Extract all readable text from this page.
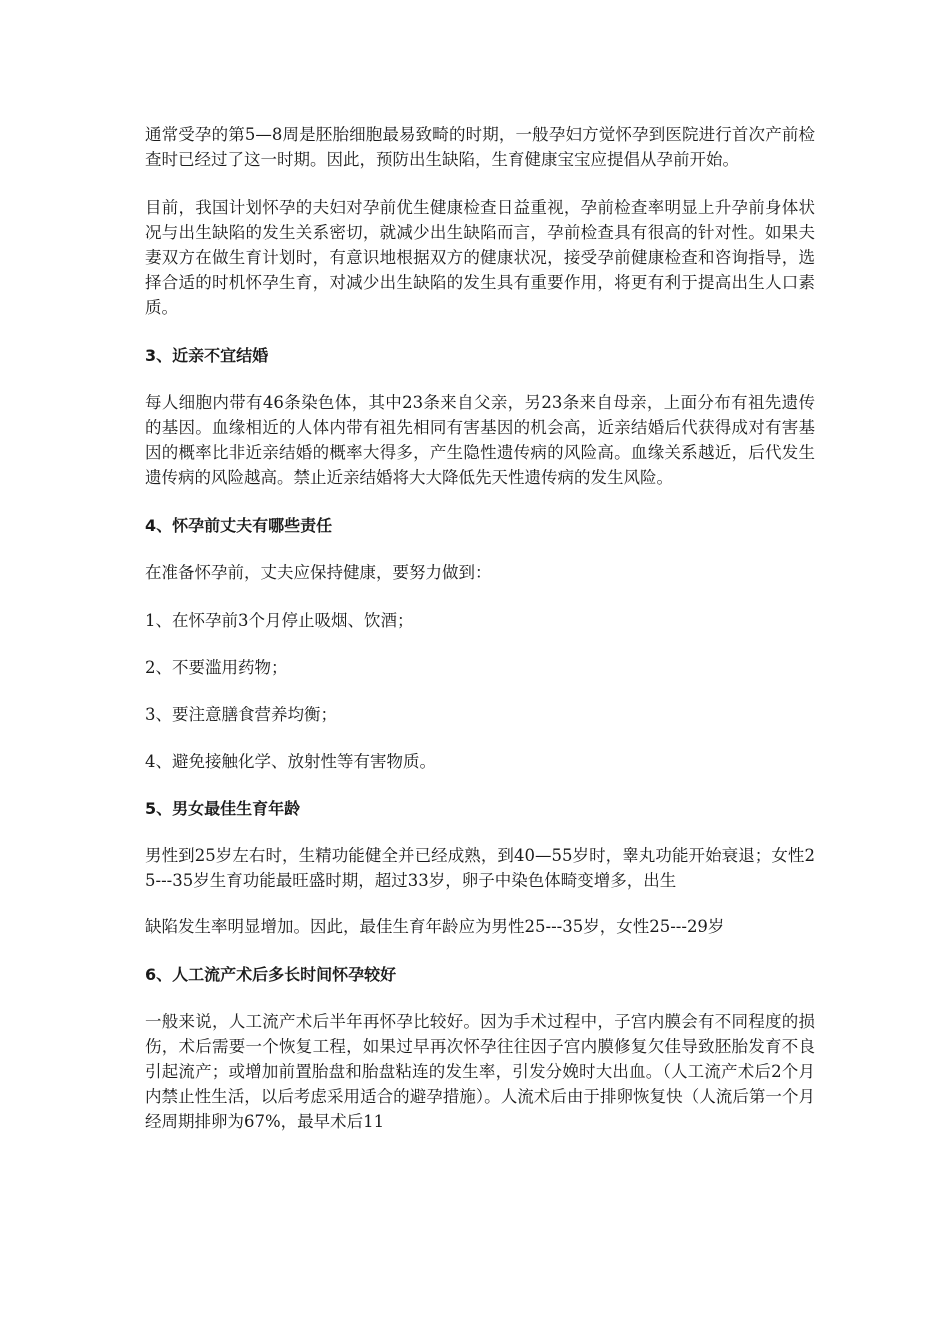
通常受孕的第5—8周是胚胎细胞最易致畸的时期，一般孕妇方觉怀孕到医院进行首次产前检查时已经过了这一时期。因此，预防出生缺陷，生育健康宝宝应提倡从孕前开始。

目前，我国计划怀孕的夫妇对孕前优生健康检查日益重视，孕前检查率明显上升孕前身体状况与出生缺陷的发生关系密切，就减少出生缺陷而言，孕前检查具有很高的针对性。如果夫妻双方在做生育计划时，有意识地根据双方的健康状况，接受孕前健康检查和咨询指导，选择合适的时机怀孕生育，对减少出生缺陷的发生具有重要作用，将更有利于提高出生人口素质。

3、近亲不宜结婚

每人细胞内带有46条染色体，其中23条来自父亲，另23条来自母亲，上面分布有祖先遗传的基因。血缘相近的人体内带有祖先相同有害基因的机会高，近亲结婚后代获得成对有害基因的概率比非近亲结婚的概率大得多，产生隐性遗传病的风险高。血缘关系越近，后代发生遗传病的风险越高。禁止近亲结婚将大大降低先天性遗传病的发生风险。

4、怀孕前丈夫有哪些责任

在准备怀孕前，丈夫应保持健康，要努力做到：

1、在怀孕前3个月停止吸烟、饮酒；
2、不要滥用药物；
3、要注意膳食营养均衡；
4、避免接触化学、放射性等有害物质。
5、男女最佳生育年龄

男性到25岁左右时，生精功能健全并已经成熟，到40—55岁时，睾丸功能开始衰退；女性25---35岁生育功能最旺盛时期，超过33岁，卵子中染色体畸变增多，出生

缺陷发生率明显增加。因此，最佳生育年龄应为男性25---35岁，女性25---29岁

6、人工流产术后多长时间怀孕较好

一般来说，人工流产术后半年再怀孕比较好。因为手术过程中，子宫内膜会有不同程度的损伤，术后需要一个恢复工程，如果过早再次怀孕往往因子宫内膜修复欠佳导致胚胎发育不良引起流产；或增加前置胎盘和胎盘粘连的发生率，引发分娩时大出血。（人工流产术后2个月内禁止性生活，以后考虑采用适合的避孕措施）。人流术后由于排卵恢复快（人流后第一个月经周期排卵为67%，最早术后11
